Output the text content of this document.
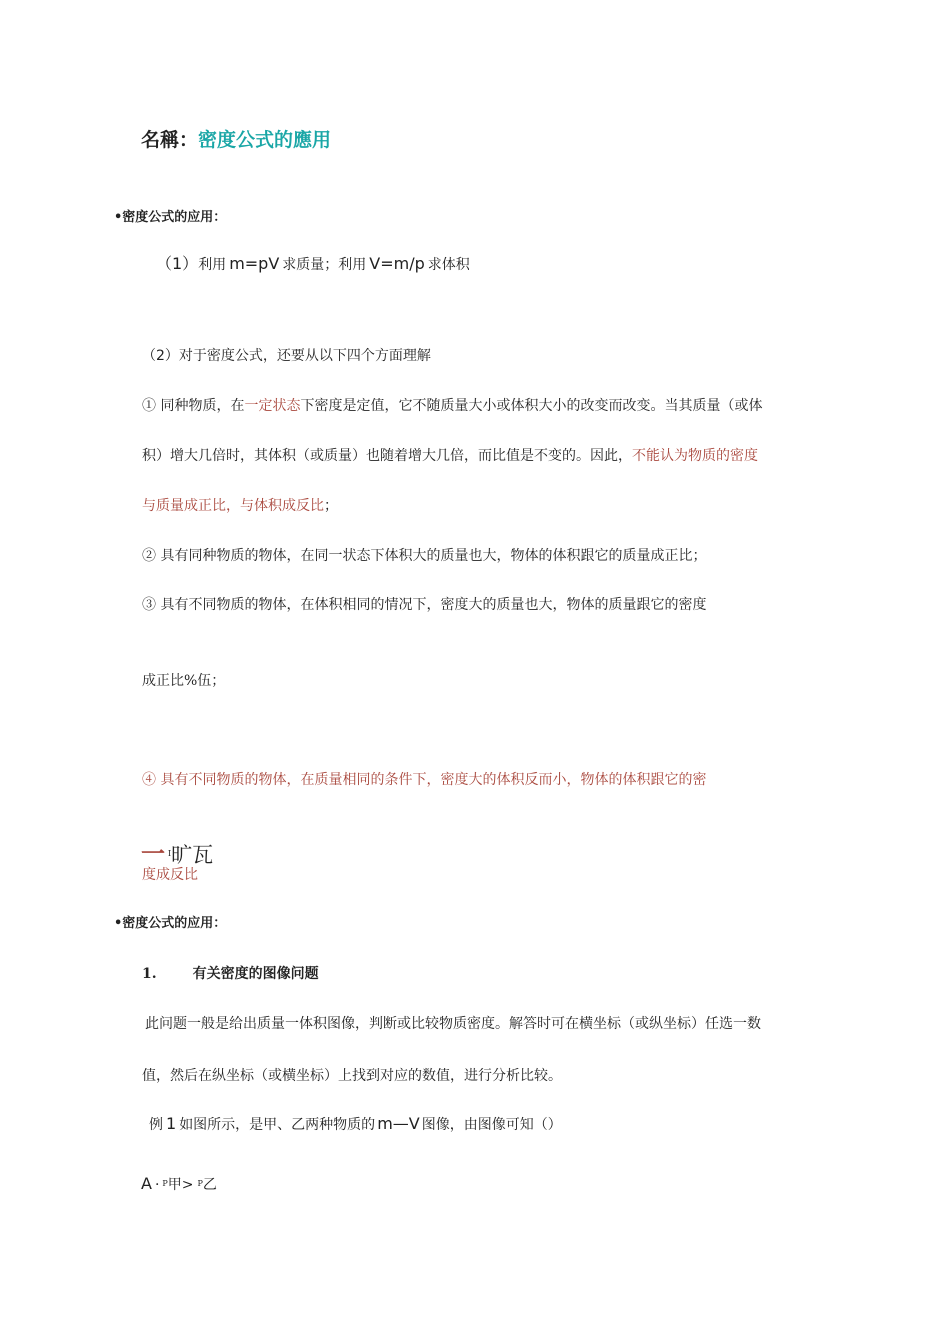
名稱：密度公式的應用
•密度公式的应用：
（1）利用 m=pV 求质量；利用 V=m/p 求体积
（2）对于密度公式，还要从以下四个方面理解
① 同种物质，在一定状态下密度是定值，它不随质量大小或体积大小的改变而改变。当其质量（或体
积）增大几倍时，其体积（或质量）也随着增大几倍，而比值是不变的。因此，不能认为物质的密度
与质量成正比，与体积成反比；
② 具有同种物质的物体，在同一状态下体积大的质量也大，物体的体积跟它的质量成正比；
③ 具有不同物质的物体，在体积相同的情况下，密度大的质量也大，物体的质量跟它的密度
成正比%伍；
④ 具有不同物质的物体，在质量相同的条件下，密度大的体积反而小，物体的体积跟它的密
一 $^I$旷瓦
度成反比
•密度公式的应用：
1.	有关密度的图像问题
此问题一般是给出质量一体积图像，判断或比较物质密度。解答时可在横坐标（或纵坐标）任选一数
值，然后在纵坐标（或横坐标）上找到对应的数值，进行分析比较。
例 1 如图所示，是甲、乙两种物质的 m—V 图像，由图像可知（）
A · $^P$甲> $^P$乙
